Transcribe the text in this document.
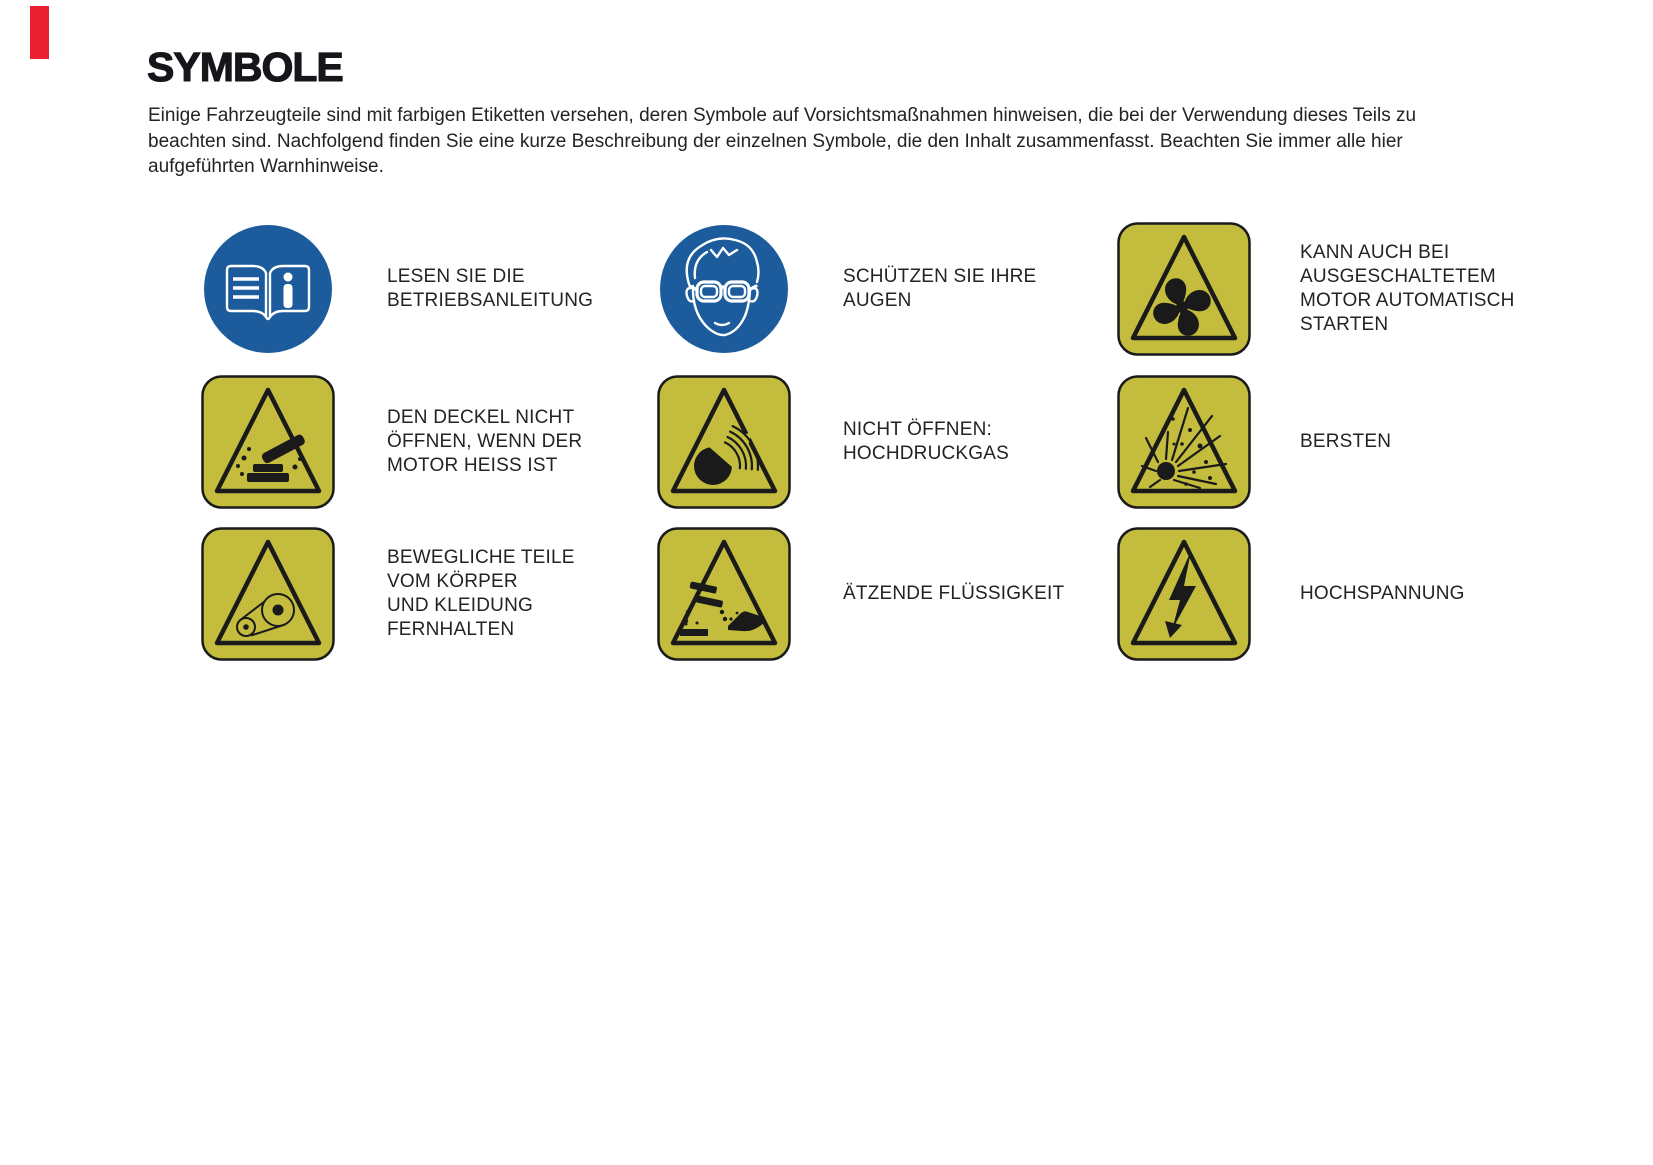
SYMBOLE
Einige Fahrzeugteile sind mit farbigen Etiketten versehen, deren Symbole auf Vorsichtsmaßnahmen hinweisen, die bei der Verwendung dieses Teils zu
beachten sind. Nachfolgend finden Sie eine kurze Beschreibung der einzelnen Symbole, die den Inhalt zusammenfasst. Beachten Sie immer alle hier
aufgeführten Warnhinweise.
LESEN SIE DIE
BETRIEBSANLEITUNG
SCHÜTZEN SIE IHRE
AUGEN
KANN AUCH BEI
AUSGESCHALTETEM
MOTOR AUTOMATISCH
STARTEN
DEN DECKEL NICHT
ÖFFNEN, WENN DER
MOTOR HEISS IST
NICHT ÖFFNEN:
HOCHDRUCKGAS
BERSTEN
BEWEGLICHE TEILE
VOM KÖRPER
UND KLEIDUNG
FERNHALTEN
ÄTZENDE FLÜSSIGKEIT	HOCHSPANNUNG
